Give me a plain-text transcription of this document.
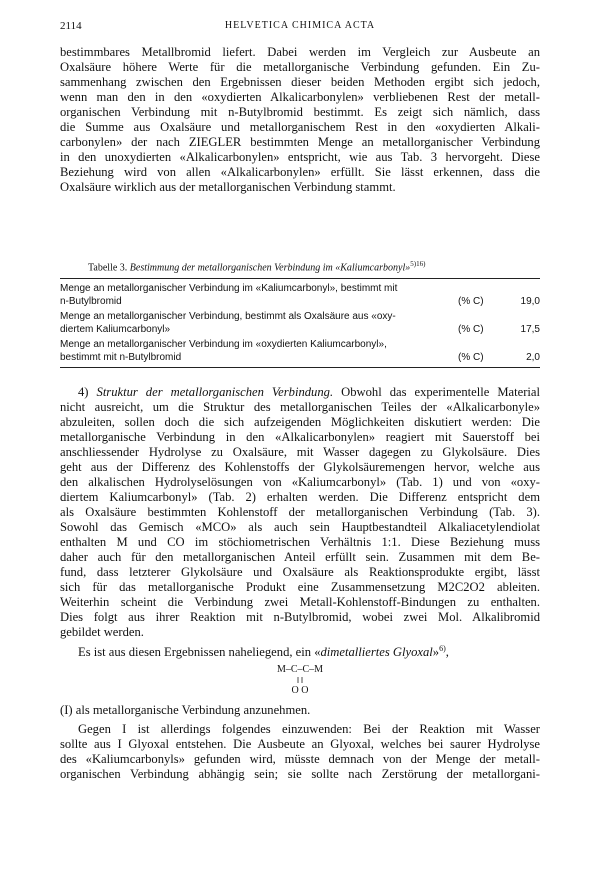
2114	HELVETICA CHIMICA ACTA
bestimmbares Metallbromid liefert. Dabei werden im Vergleich zur Ausbeute an
Oxalsäure höhere Werte für die metallorganische Verbindung gefunden. Ein Zu-
sammenhang zwischen den Ergebnissen dieser beiden Methoden ergibt sich jedoch,
wenn man den in den «oxydierten Alkalicarbonylen» verbliebenen Rest der metall-
organischen Verbindung mit n-Butylbromid bestimmt. Es zeigt sich nämlich, dass
die Summe aus Oxalsäure und metallorganischem Rest in den «oxydierten Alkali-
carbonylen» der nach ZIEGLER bestimmten Menge an metallorganischer Verbindung
in den unoxydierten «Alkalicarbonylen» entspricht, wie aus Tab. 3 hervorgeht. Diese
Beziehung wird von allen «Alkalicarbonylen» erfüllt. Sie lässt erkennen, dass die
Oxalsäure wirklich aus der metallorganischen Verbindung stammt.
Tabelle 3. Bestimmung der metallorganischen Verbindung im «Kaliumcarbonyl»$^{5)16)}$
Menge an metallorganischer Verbindung im «Kaliumcarbonyl», bestimmt mit
n-Butylbromid	(% C)	19,0
Menge an metallorganischer Verbindung, bestimmt als Oxalsäure aus «oxy-
diertem Kaliumcarbonyl»	(% C)	17,5
Menge an metallorganischer Verbindung im «oxydierten Kaliumcarbonyl»,
bestimmt mit n-Butylbromid	(% C)	2,0
4) Struktur der metallorganischen Verbindung. Obwohl das experimentelle Material
nicht ausreicht, um die Struktur des metallorganischen Teiles der «Alkalicarbonyle»
abzuleiten, sollen doch die sich aufzeigenden Möglichkeiten diskutiert werden: Die
metallorganische Verbindung in den «Alkalicarbonylen» reagiert mit Sauerstoff bei
anschliessender Hydrolyse zu Oxalsäure, mit Wasser dagegen zu Glykolsäure. Dies
geht aus der Differenz des Kohlenstoffs der Glykolsäuremengen hervor, welche aus
den alkalischen Hydrolyselösungen von «Kaliumcarbonyl» (Tab. 1) und von «oxy-
diertem Kaliumcarbonyl» (Tab. 2) erhalten werden. Die Differenz entspricht dem
als Oxalsäure bestimmten Kohlenstoff der metallorganischen Verbindung (Tab. 3).
Sowohl das Gemisch «MCO» als auch sein Hauptbestandteil Alkaliacetylendiolat
enthalten M und CO im stöchiometrischen Verhältnis 1:1. Diese Beziehung muss
daher auch für den metallorganischen Anteil erfüllt sein. Zusammen mit dem Be-
fund, dass letzterer Glykolsäure und Oxalsäure als Reaktionsprodukte ergibt, lässt
sich für das metallorganische Produkt eine Zusammensetzung M2C2O2 ableiten.
Weiterhin scheint die Verbindung zwei Metall-Kohlenstoff-Bindungen zu enthalten.
Dies folgt aus ihrer Reaktion mit n-Butylbromid, wobei zwei Mol. Alkalibromid
gebildet werden.
Es ist aus diesen Ergebnissen naheliegend, ein «dimetalliertes Glyoxal»$^{6)}$,
M–C–C–M
‖ ‖
O O
(I) als metallorganische Verbindung anzunehmen.
Gegen I ist allerdings folgendes einzuwenden: Bei der Reaktion mit Wasser
sollte aus I Glyoxal entstehen. Die Ausbeute an Glyoxal, welches bei saurer Hydrolyse
des «Kaliumcarbonyls» gefunden wird, müsste demnach von der Menge der metall-
organischen Verbindung abhängig sein; sie sollte nach Zerstörung der metallorgani-
